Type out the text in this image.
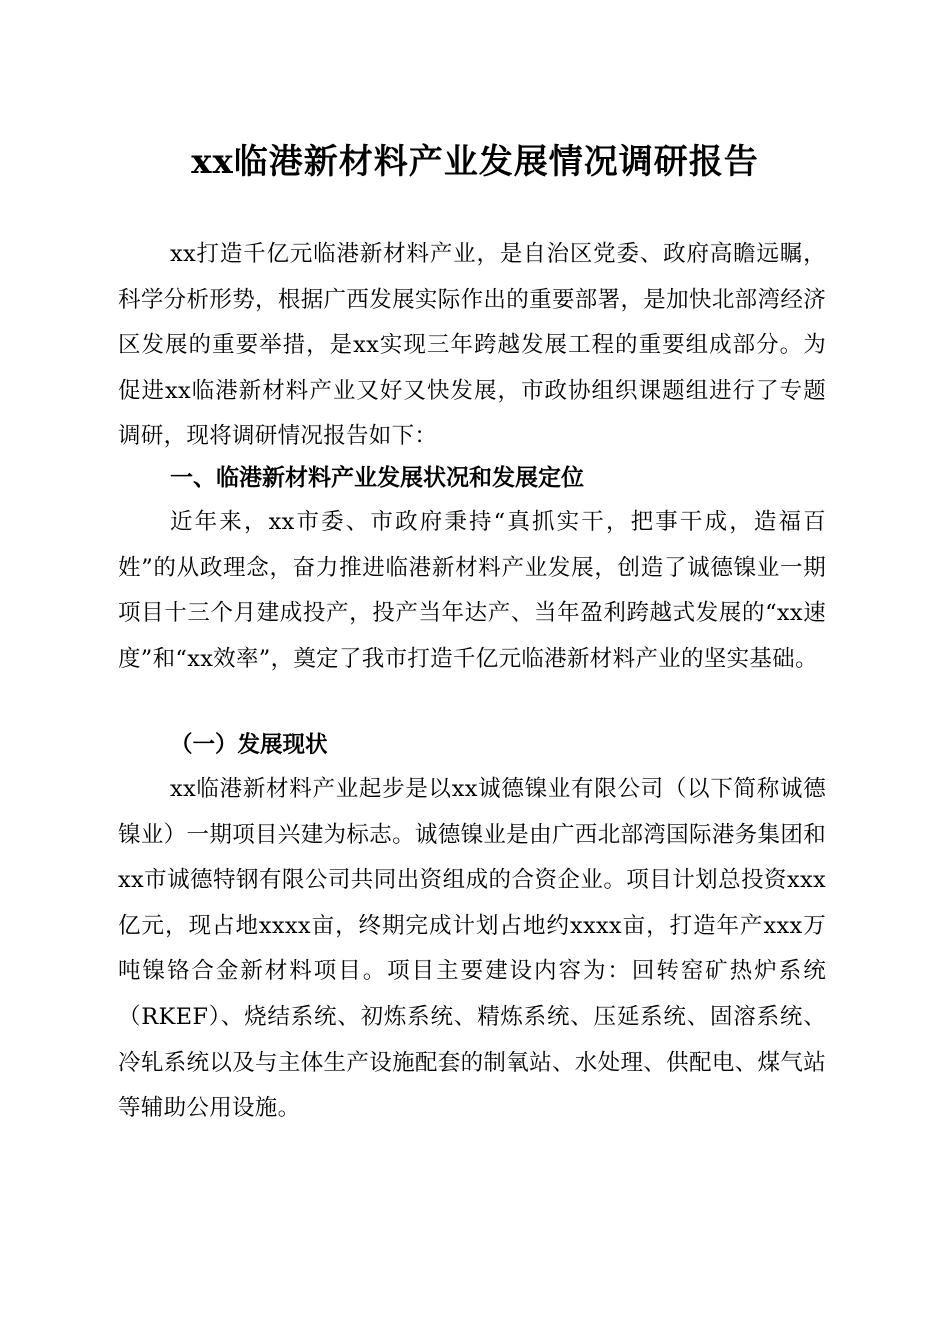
xx临港新材料产业发展情况调研报告

xx打造千亿元临港新材料产业，是自治区党委、政府高瞻远瞩，科学分析形势，根据广西发展实际作出的重要部署，是加快北部湾经济区发展的重要举措，是xx实现三年跨越发展工程的重要组成部分。为促进xx临港新材料产业又好又快发展，市政协组织课题组进行了专题调研，现将调研情况报告如下：

一、临港新材料产业发展状况和发展定位

近年来，xx市委、市政府秉持“真抓实干，把事干成，造福百姓”的从政理念，奋力推进临港新材料产业发展，创造了诚德镍业一期项目十三个月建成投产，投产当年达产、当年盈利跨越式发展的“xx速度”和“xx效率”，奠定了我市打造千亿元临港新材料产业的坚实基础。

（一）发展现状

xx临港新材料产业起步是以xx诚德镍业有限公司（以下简称诚德镍业）一期项目兴建为标志。诚德镍业是由广西北部湾国际港务集团和xx市诚德特钢有限公司共同出资组成的合资企业。项目计划总投资xxx亿元，现占地xxxx亩，终期完成计划占地约xxxx亩，打造年产xxx万吨镍铬合金新材料项目。项目主要建设内容为：回转窑矿热炉系统（RKEF）、烧结系统、初炼系统、精炼系统、压延系统、固溶系统、冷轧系统以及与主体生产设施配套的制氧站、水处理、供配电、煤气站等辅助公用设施。
